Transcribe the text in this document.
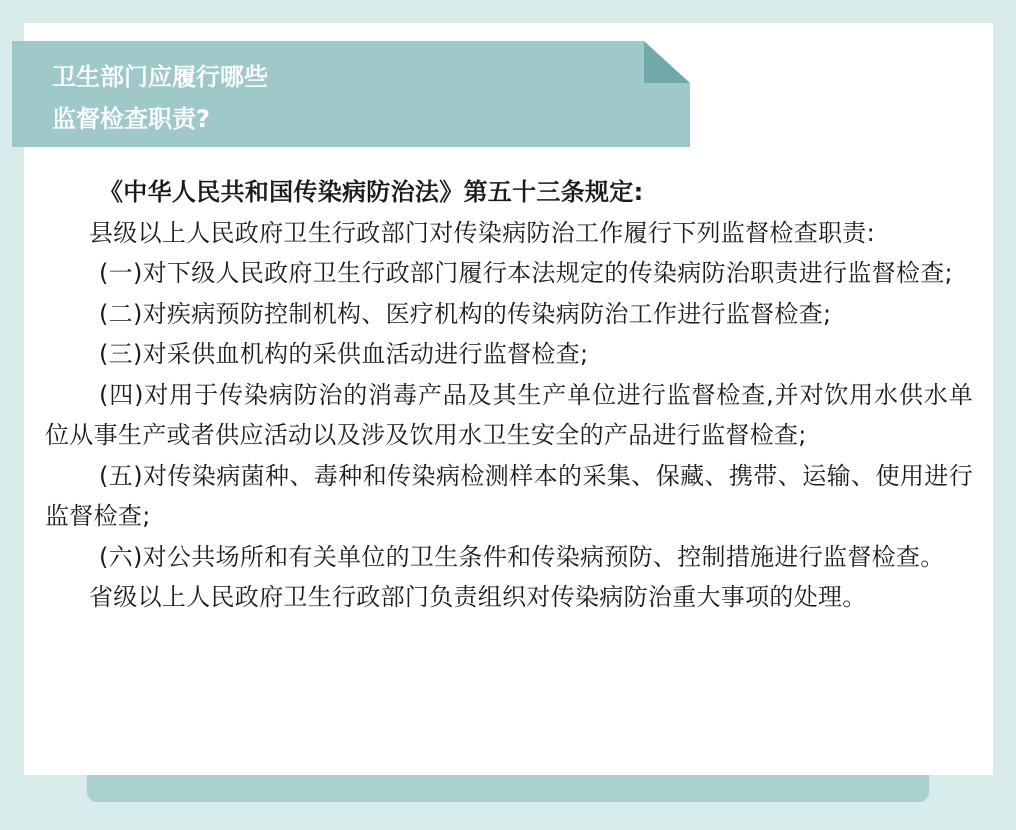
卫生部门应履行哪些
监督检查职责?

《中华人民共和国传染病防治法》第五十三条规定:

县级以上人民政府卫生行政部门对传染病防治工作履行下列监督检查职责:

(一)对下级人民政府卫生行政部门履行本法规定的传染病防治职责进行监督检查;

(二)对疾病预防控制机构、医疗机构的传染病防治工作进行监督检查;

(三)对采供血机构的采供血活动进行监督检查;

(四)对用于传染病防治的消毒产品及其生产单位进行监督检查,并对饮用水供水单位从事生产或者供应活动以及涉及饮用水卫生安全的产品进行监督检查;

(五)对传染病菌种、毒种和传染病检测样本的采集、保藏、携带、运输、使用进行监督检查;

(六)对公共场所和有关单位的卫生条件和传染病预防、控制措施进行监督检查。

省级以上人民政府卫生行政部门负责组织对传染病防治重大事项的处理。
